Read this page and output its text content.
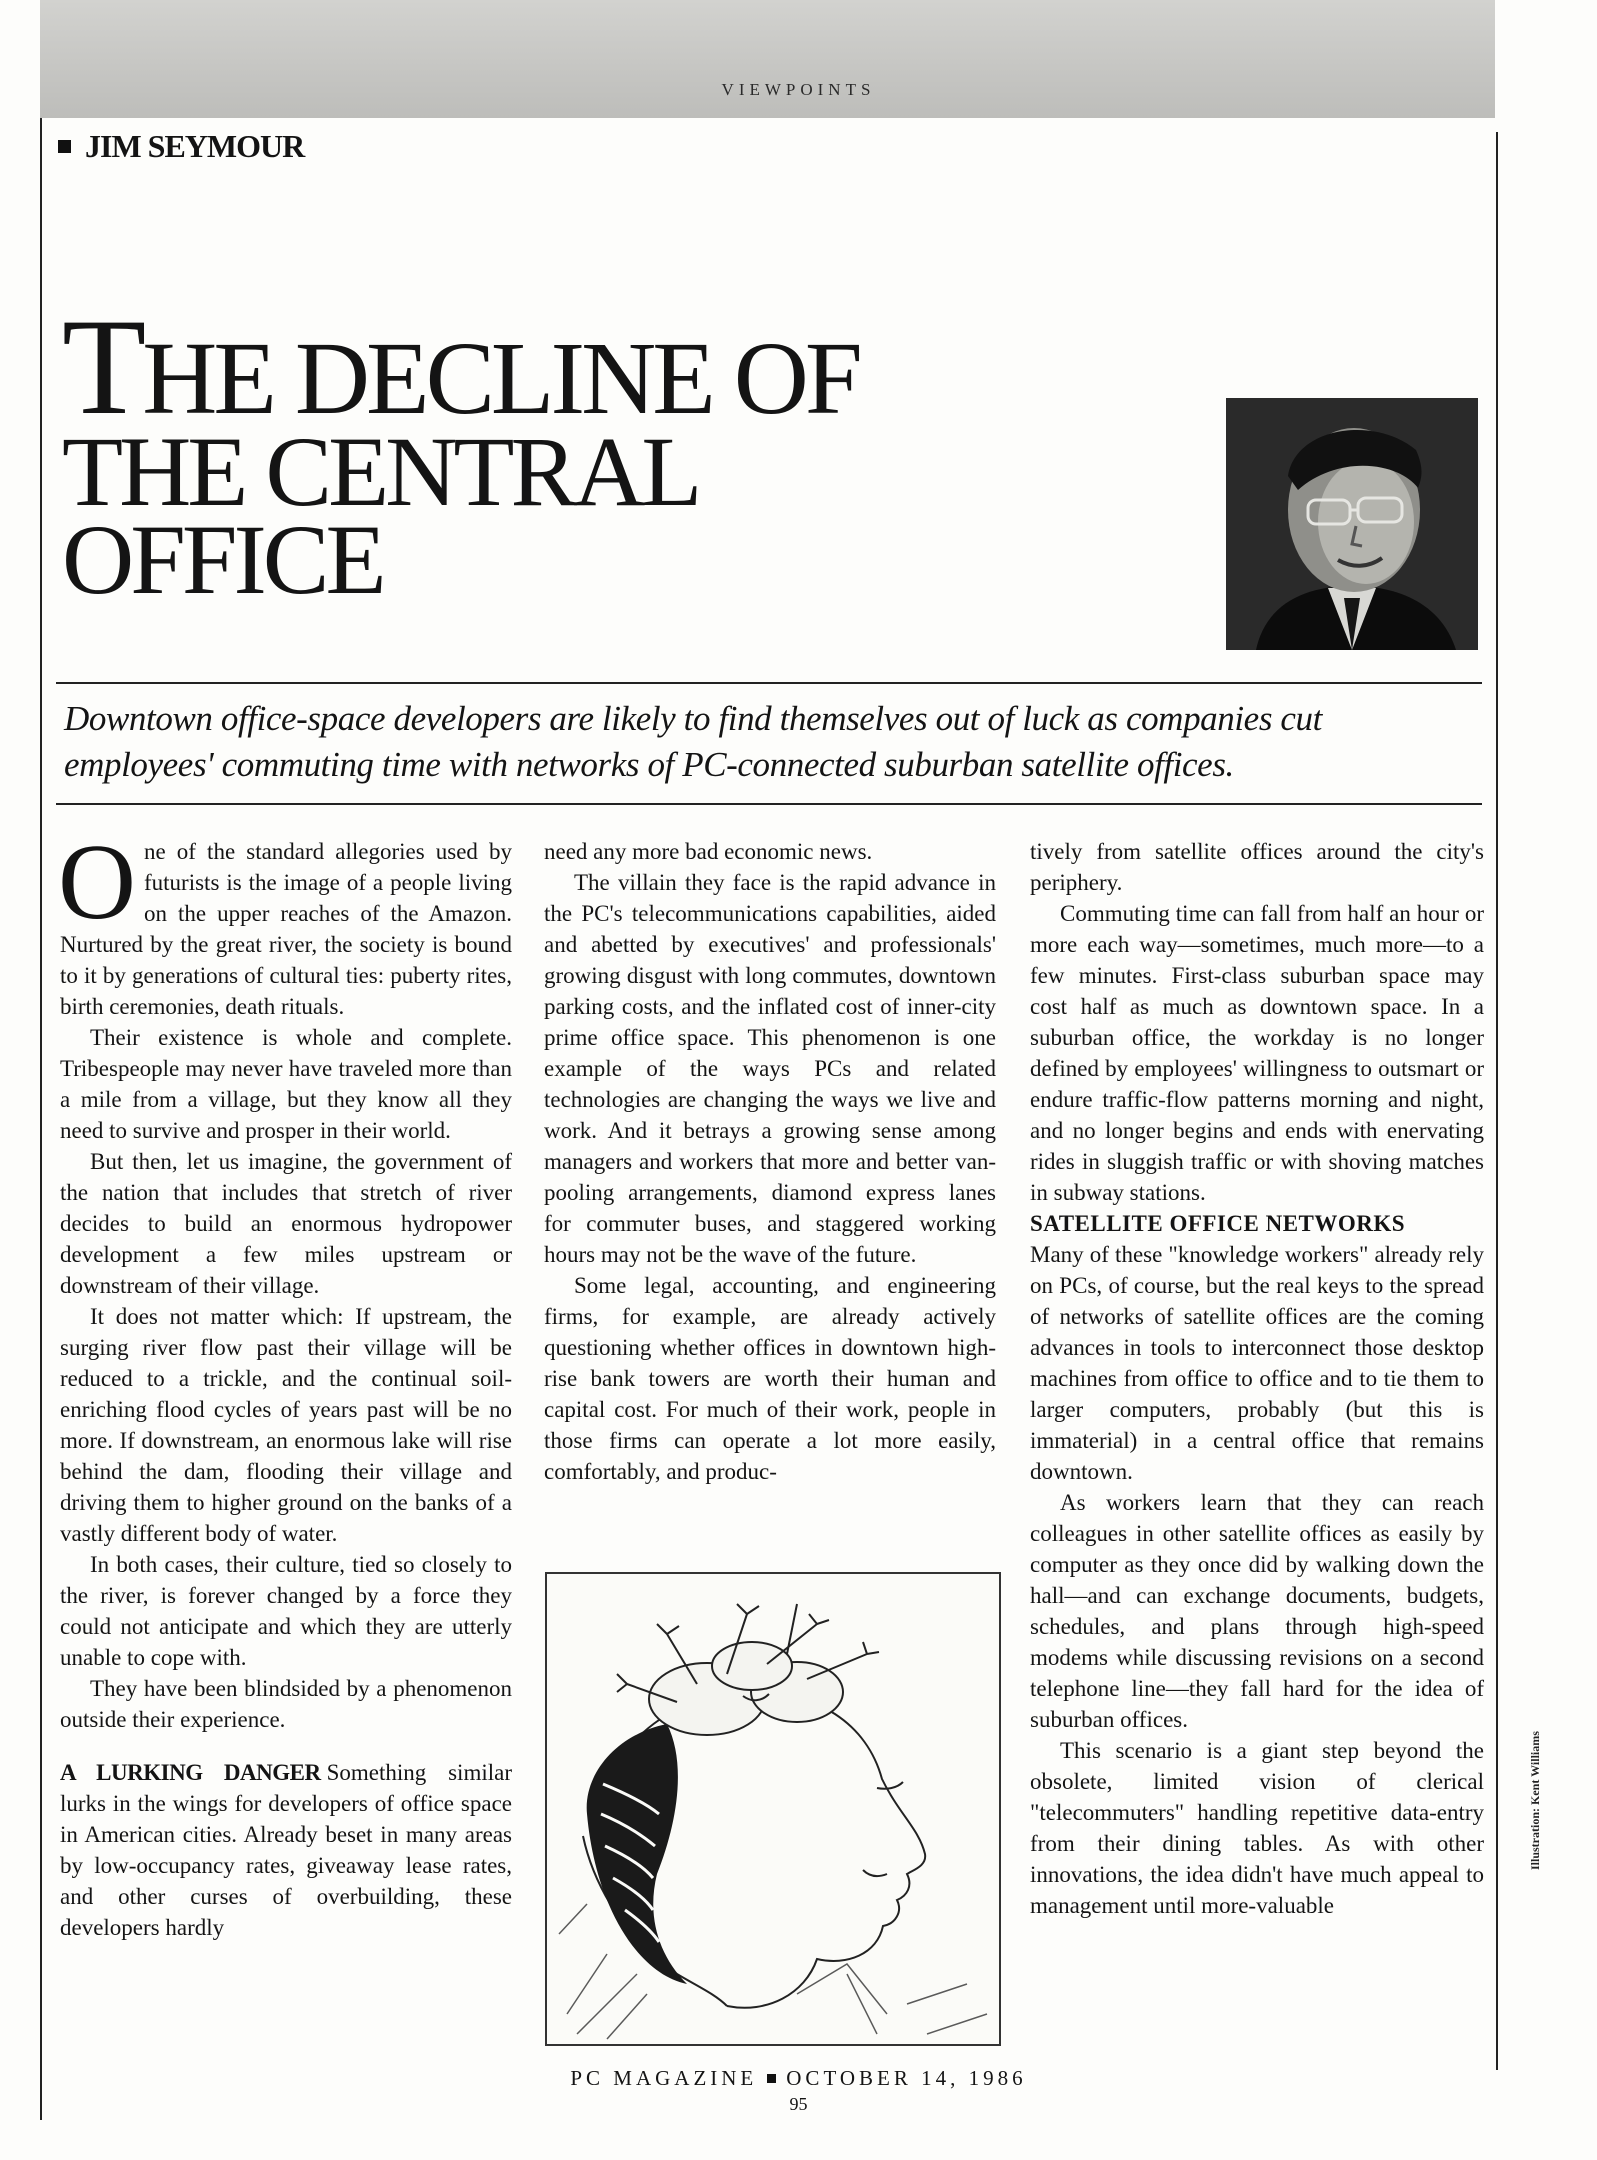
VIEWPOINTS
JIM SEYMOUR
THE DECLINE OF
THE CENTRAL
OFFICE
Downtown office-space developers are likely to find themselves out of luck as companies cut employees' commuting time with networks of PC-connected suburban satellite offices.

One of the standard allegories used by futurists is the image of a people living on the upper reaches of the Amazon. Nurtured by the great river, the society is bound to it by generations of cultural ties: puberty rites, birth ceremonies, death rituals.

Their existence is whole and complete. Tribespeople may never have traveled more than a mile from a village, but they know all they need to survive and prosper in their world.

But then, let us imagine, the government of the nation that includes that stretch of river decides to build an enormous hydropower development a few miles upstream or downstream of their village.

It does not matter which: If upstream, the surging river flow past their village will be reduced to a trickle, and the continual soil-enriching flood cycles of years past will be no more. If downstream, an enormous lake will rise behind the dam, flooding their village and driving them to higher ground on the banks of a vastly different body of water.

In both cases, their culture, tied so closely to the river, is forever changed by a force they could not anticipate and which they are utterly unable to cope with.

They have been blindsided by a phenomenon outside their experience.

A LURKING DANGER Something similar lurks in the wings for developers of office space in American cities. Already beset in many areas by low-occupancy rates, giveaway lease rates, and other curses of overbuilding, these developers hardly

need any more bad economic news.

The villain they face is the rapid advance in the PC's telecommunications capabilities, aided and abetted by executives' and professionals' growing disgust with long commutes, downtown parking costs, and the inflated cost of inner-city prime office space. This phenomenon is one example of the ways PCs and related technologies are changing the ways we live and work. And it betrays a growing sense among managers and workers that more and better van-pooling arrangements, diamond express lanes for commuter buses, and staggered working hours may not be the wave of the future.

Some legal, accounting, and engineering firms, for example, are already actively questioning whether offices in downtown high-rise bank towers are worth their human and capital cost. For much of their work, people in those firms can operate a lot more easily, comfortably, and produc-

tively from satellite offices around the city's periphery.

Commuting time can fall from half an hour or more each way—sometimes, much more—to a few minutes. First-class suburban space may cost half as much as downtown space. In a suburban office, the workday is no longer defined by employees' willingness to outsmart or endure traffic-flow patterns morning and night, and no longer begins and ends with enervating rides in sluggish traffic or with shoving matches in subway stations.

SATELLITE OFFICE NETWORKS

Many of these "knowledge workers" already rely on PCs, of course, but the real keys to the spread of networks of satellite offices are the coming advances in tools to interconnect those desktop machines from office to office and to tie them to larger computers, probably (but this is immaterial) in a central office that remains downtown.

As workers learn that they can reach colleagues in other satellite offices as easily by computer as they once did by walking down the hall—and can exchange documents, budgets, schedules, and plans through high-speed modems while discussing revisions on a second telephone line—they fall hard for the idea of suburban offices.

This scenario is a giant step beyond the obsolete, limited vision of clerical "telecommuters" handling repetitive data-entry from their dining tables. As with other innovations, the idea didn't have much appeal to management until more-valuable

Illustration: Kent Williams
PC MAGAZINE OCTOBER 14, 1986
95
